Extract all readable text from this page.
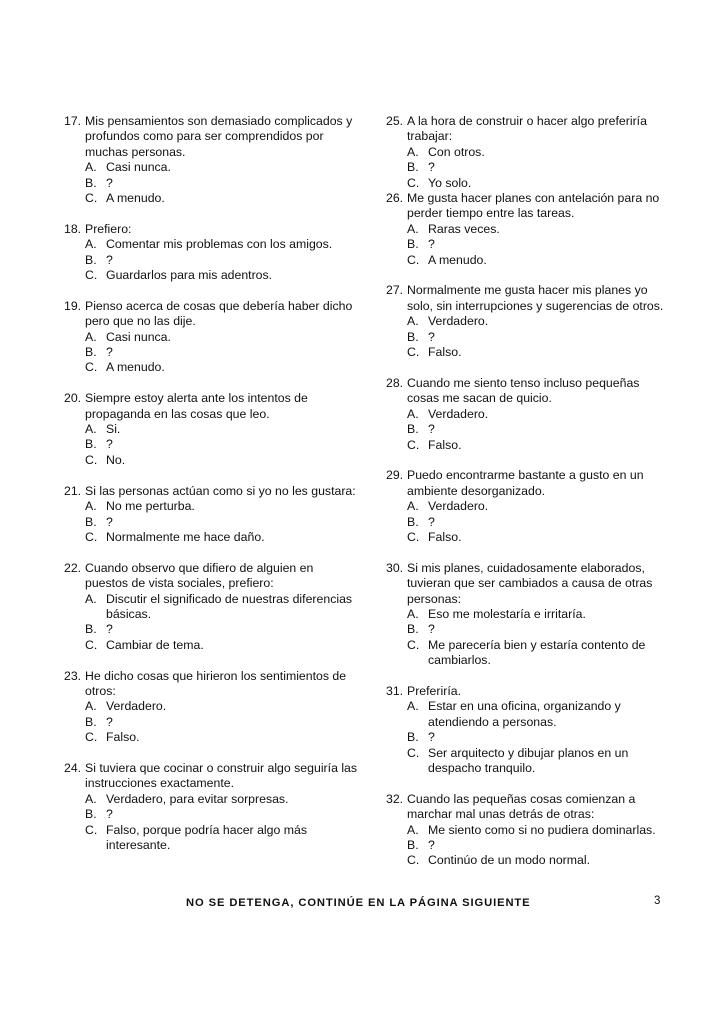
17. Mis pensamientos son demasiado complicados y profundos como para ser comprendidos por muchas personas.
A. Casi nunca.
B. ?
C. A menudo.
18. Prefiero:
A. Comentar mis problemas con los amigos.
B. ?
C. Guardarlos para mis adentros.
19. Pienso acerca de cosas que debería haber dicho pero que no las dije.
A. Casi nunca.
B. ?
C. A menudo.
20. Siempre estoy alerta ante los intentos de propaganda en las cosas que leo.
A. Si.
B. ?
C. No.
21. Si las personas actúan como si yo no les gustara:
A. No me perturba.
B. ?
C. Normalmente me hace daño.
22. Cuando observo que difiero de alguien en puestos de vista sociales, prefiero:
A. Discutir el significado de nuestras diferencias básicas.
B. ?
C. Cambiar de tema.
23. He dicho cosas que hirieron los sentimientos de otros:
A. Verdadero.
B. ?
C. Falso.
24. Si tuviera que cocinar o construir algo seguiría las instrucciones exactamente.
A. Verdadero, para evitar sorpresas.
B. ?
C. Falso, porque podría hacer algo más interesante.
25. A la hora de construir o hacer algo preferiría trabajar:
A. Con otros.
B. ?
C. Yo solo.
26. Me gusta hacer planes con antelación para no perder tiempo entre las tareas.
A. Raras veces.
B. ?
C. A menudo.
27. Normalmente me gusta hacer mis planes yo solo, sin interrupciones y sugerencias de otros.
A. Verdadero.
B. ?
C. Falso.
28. Cuando me siento tenso incluso pequeñas cosas me sacan de quicio.
A. Verdadero.
B. ?
C. Falso.
29. Puedo encontrarme bastante a gusto en un ambiente desorganizado.
A. Verdadero.
B. ?
C. Falso.
30. Si mis planes, cuidadosamente elaborados, tuvieran que ser cambiados a causa de otras personas:
A. Eso me molestaría e irritaría.
B. ?
C. Me parecería bien y estaría contento de cambiarlos.
31. Preferiría.
A. Estar en una oficina, organizando y atendiendo a personas.
B. ?
C. Ser arquitecto y dibujar planos en un despacho tranquilo.
32. Cuando las pequeñas cosas comienzan a marchar mal unas detrás de otras:
A. Me siento como si no pudiera dominarlas.
B. ?
C. Continúo de un modo normal.
NO SE DETENGA, CONTINÚE EN LA PÁGINA SIGUIENTE	3
